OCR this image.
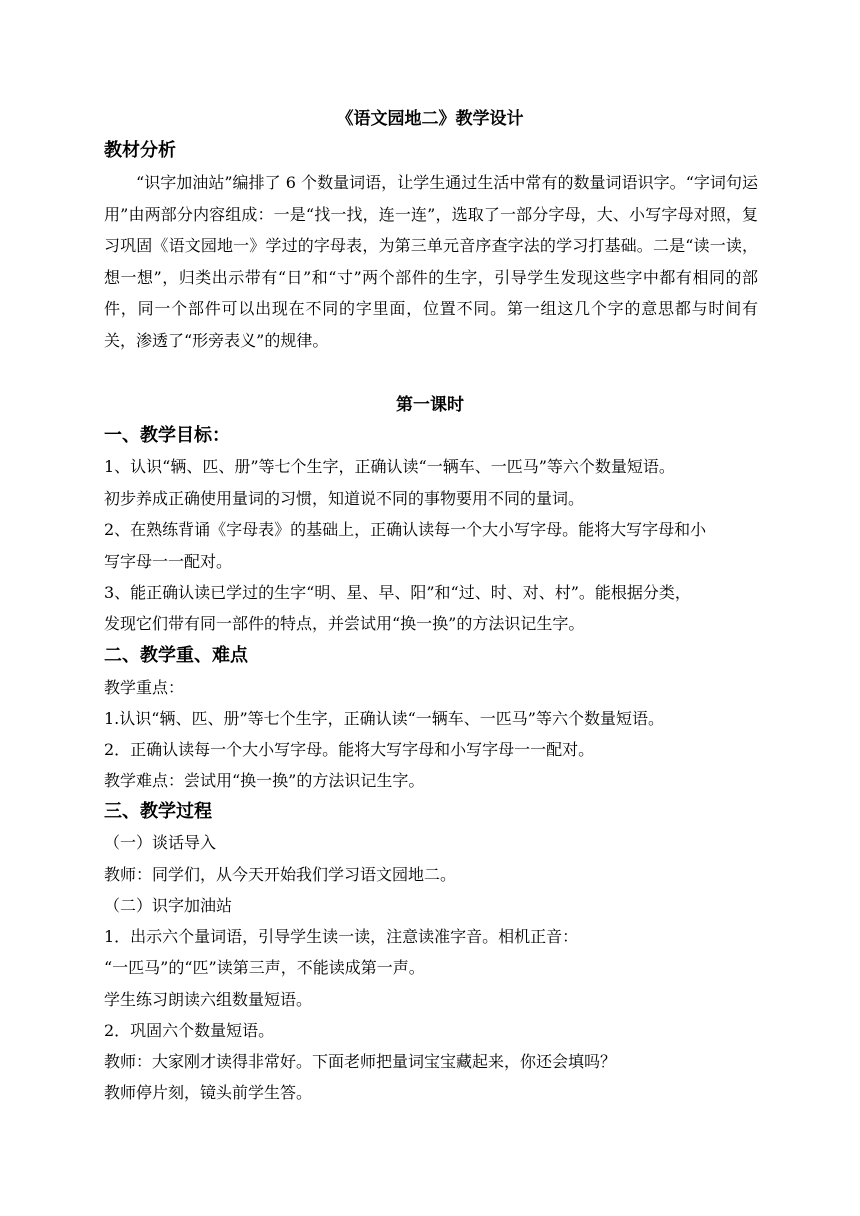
《语文园地二》教学设计
教材分析
“识字加油站”编排了 6 个数量词语，让学生通过生活中常有的数量词语识字。“字词句运用”由两部分内容组成：一是“找一找，连一连”，选取了一部分字母，大、小写字母对照，复习巩固《语文园地一》学过的字母表，为第三单元音序查字法的学习打基础。二是“读一读，想一想”，归类出示带有“日”和“寸”两个部件的生字，引导学生发现这些字中都有相同的部件，同一个部件可以出现在不同的字里面，位置不同。第一组这几个字的意思都与时间有关，渗透了“形旁表义”的规律。
第一课时
一、教学目标：
1、认识“辆、匹、册”等七个生字，正确认读“一辆车、一匹马”等六个数量短语。
初步养成正确使用量词的习惯，知道说不同的事物要用不同的量词。
2、在熟练背诵《字母表》的基础上，正确认读每一个大小写字母。能将大写字母和小
写字母一一配对。
3、能正确认读已学过的生字“明、星、早、阳”和“过、时、对、村”。能根据分类，
发现它们带有同一部件的特点，并尝试用“换一换”的方法识记生字。
二、教学重、难点
教学重点：
1.认识“辆、匹、册”等七个生字，正确认读“一辆车、一匹马”等六个数量短语。
2．正确认读每一个大小写字母。能将大写字母和小写字母一一配对。
教学难点：尝试用“换一换”的方法识记生字。
三、教学过程
（一）谈话导入
教师：同学们，从今天开始我们学习语文园地二。
（二）识字加油站
1．出示六个量词语，引导学生读一读，注意读准字音。相机正音：
“一匹马”的“匹”读第三声，不能读成第一声。
学生练习朗读六组数量短语。
2．巩固六个数量短语。
教师：大家刚才读得非常好。下面老师把量词宝宝藏起来，你还会填吗？
教师停片刻，镜头前学生答。
